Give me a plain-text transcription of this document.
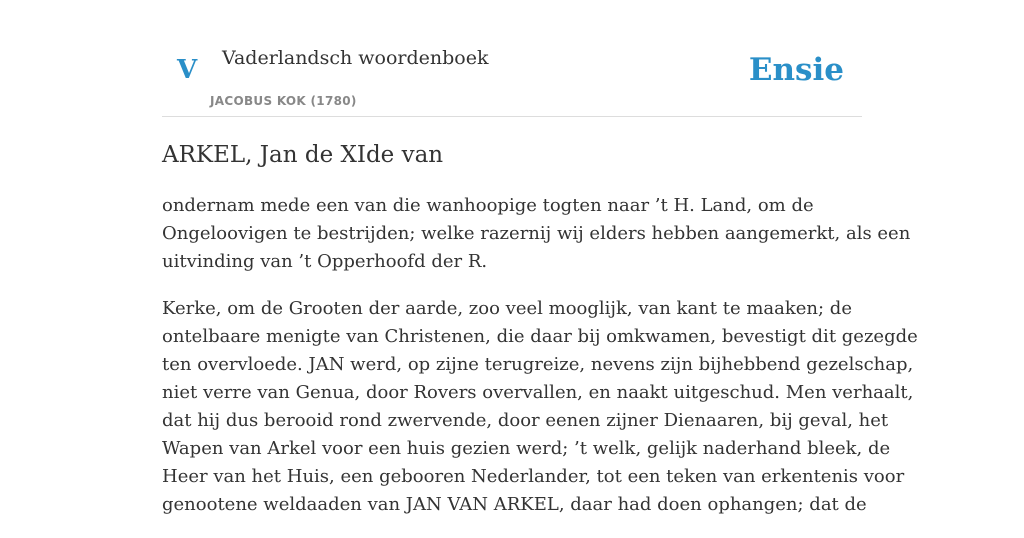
V Vaderlandsch woordenboek
JACOBUS KOK (1780)
Ensie
ARKEL, Jan de XIde van

ondernam mede een van die wanhoopige togten naar ’t H. Land, om de
Ongeloovigen te bestrijden; welke razernij wij elders hebben aangemerkt, als een
uitvinding van ’t Opperhoofd der R.

Kerke, om de Grooten der aarde, zoo veel mooglijk, van kant te maaken; de
ontelbaare menigte van Christenen, die daar bij omkwamen, bevestigt dit gezegde
ten overvloede. JAN werd, op zijne terugreize, nevens zijn bijhebbend gezelschap,
niet verre van Genua, door Rovers overvallen, en naakt uitgeschud. Men verhaalt,
dat hij dus berooid rond zwervende, door eenen zijner Dienaaren, bij geval, het
Wapen van Arkel voor een huis gezien werd; ’t welk, gelijk naderhand bleek, de
Heer van het Huis, een gebooren Nederlander, tot een teken van erkentenis voor
genootene weldaaden van JAN VAN ARKEL, daar had doen ophangen; dat de
